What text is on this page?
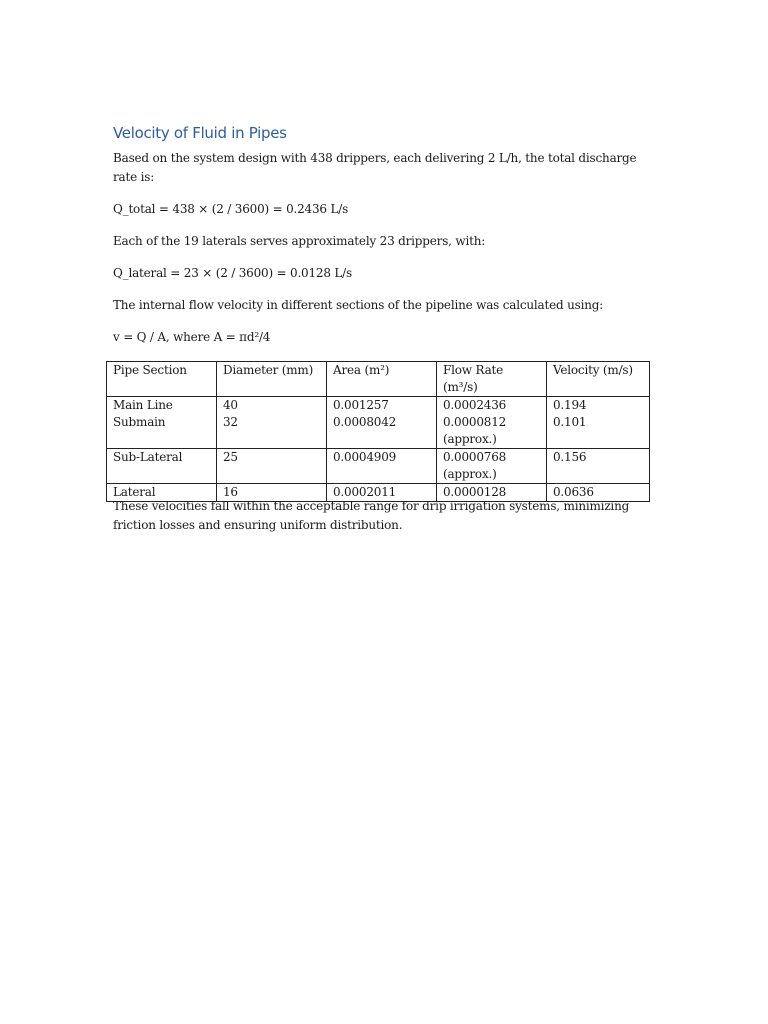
Velocity of Fluid in Pipes
Based on the system design with 438 drippers, each delivering 2 L/h, the total discharge rate is:
Q_total = 438 × (2 / 3600) = 0.2436 L/s
Each of the 19 laterals serves approximately 23 drippers, with:
Q_lateral = 23 × (2 / 3600) = 0.0128 L/s
The internal flow velocity in different sections of the pipeline was calculated using:
v = Q / A, where A = πd²/4
Pipe Section	Diameter (mm)	Area (m²)	Flow Rate (m³/s)	Velocity (m/s)
Main Line	40	0.001257	0.0002436	0.194
Submain	32	0.0008042	0.0000812 (approx.)	0.101
Sub-Lateral	25	0.0004909	0.0000768 (approx.)	0.156
Lateral	16	0.0002011	0.0000128	0.0636
These velocities fall within the acceptable range for drip irrigation systems, minimizing friction losses and ensuring uniform distribution.
